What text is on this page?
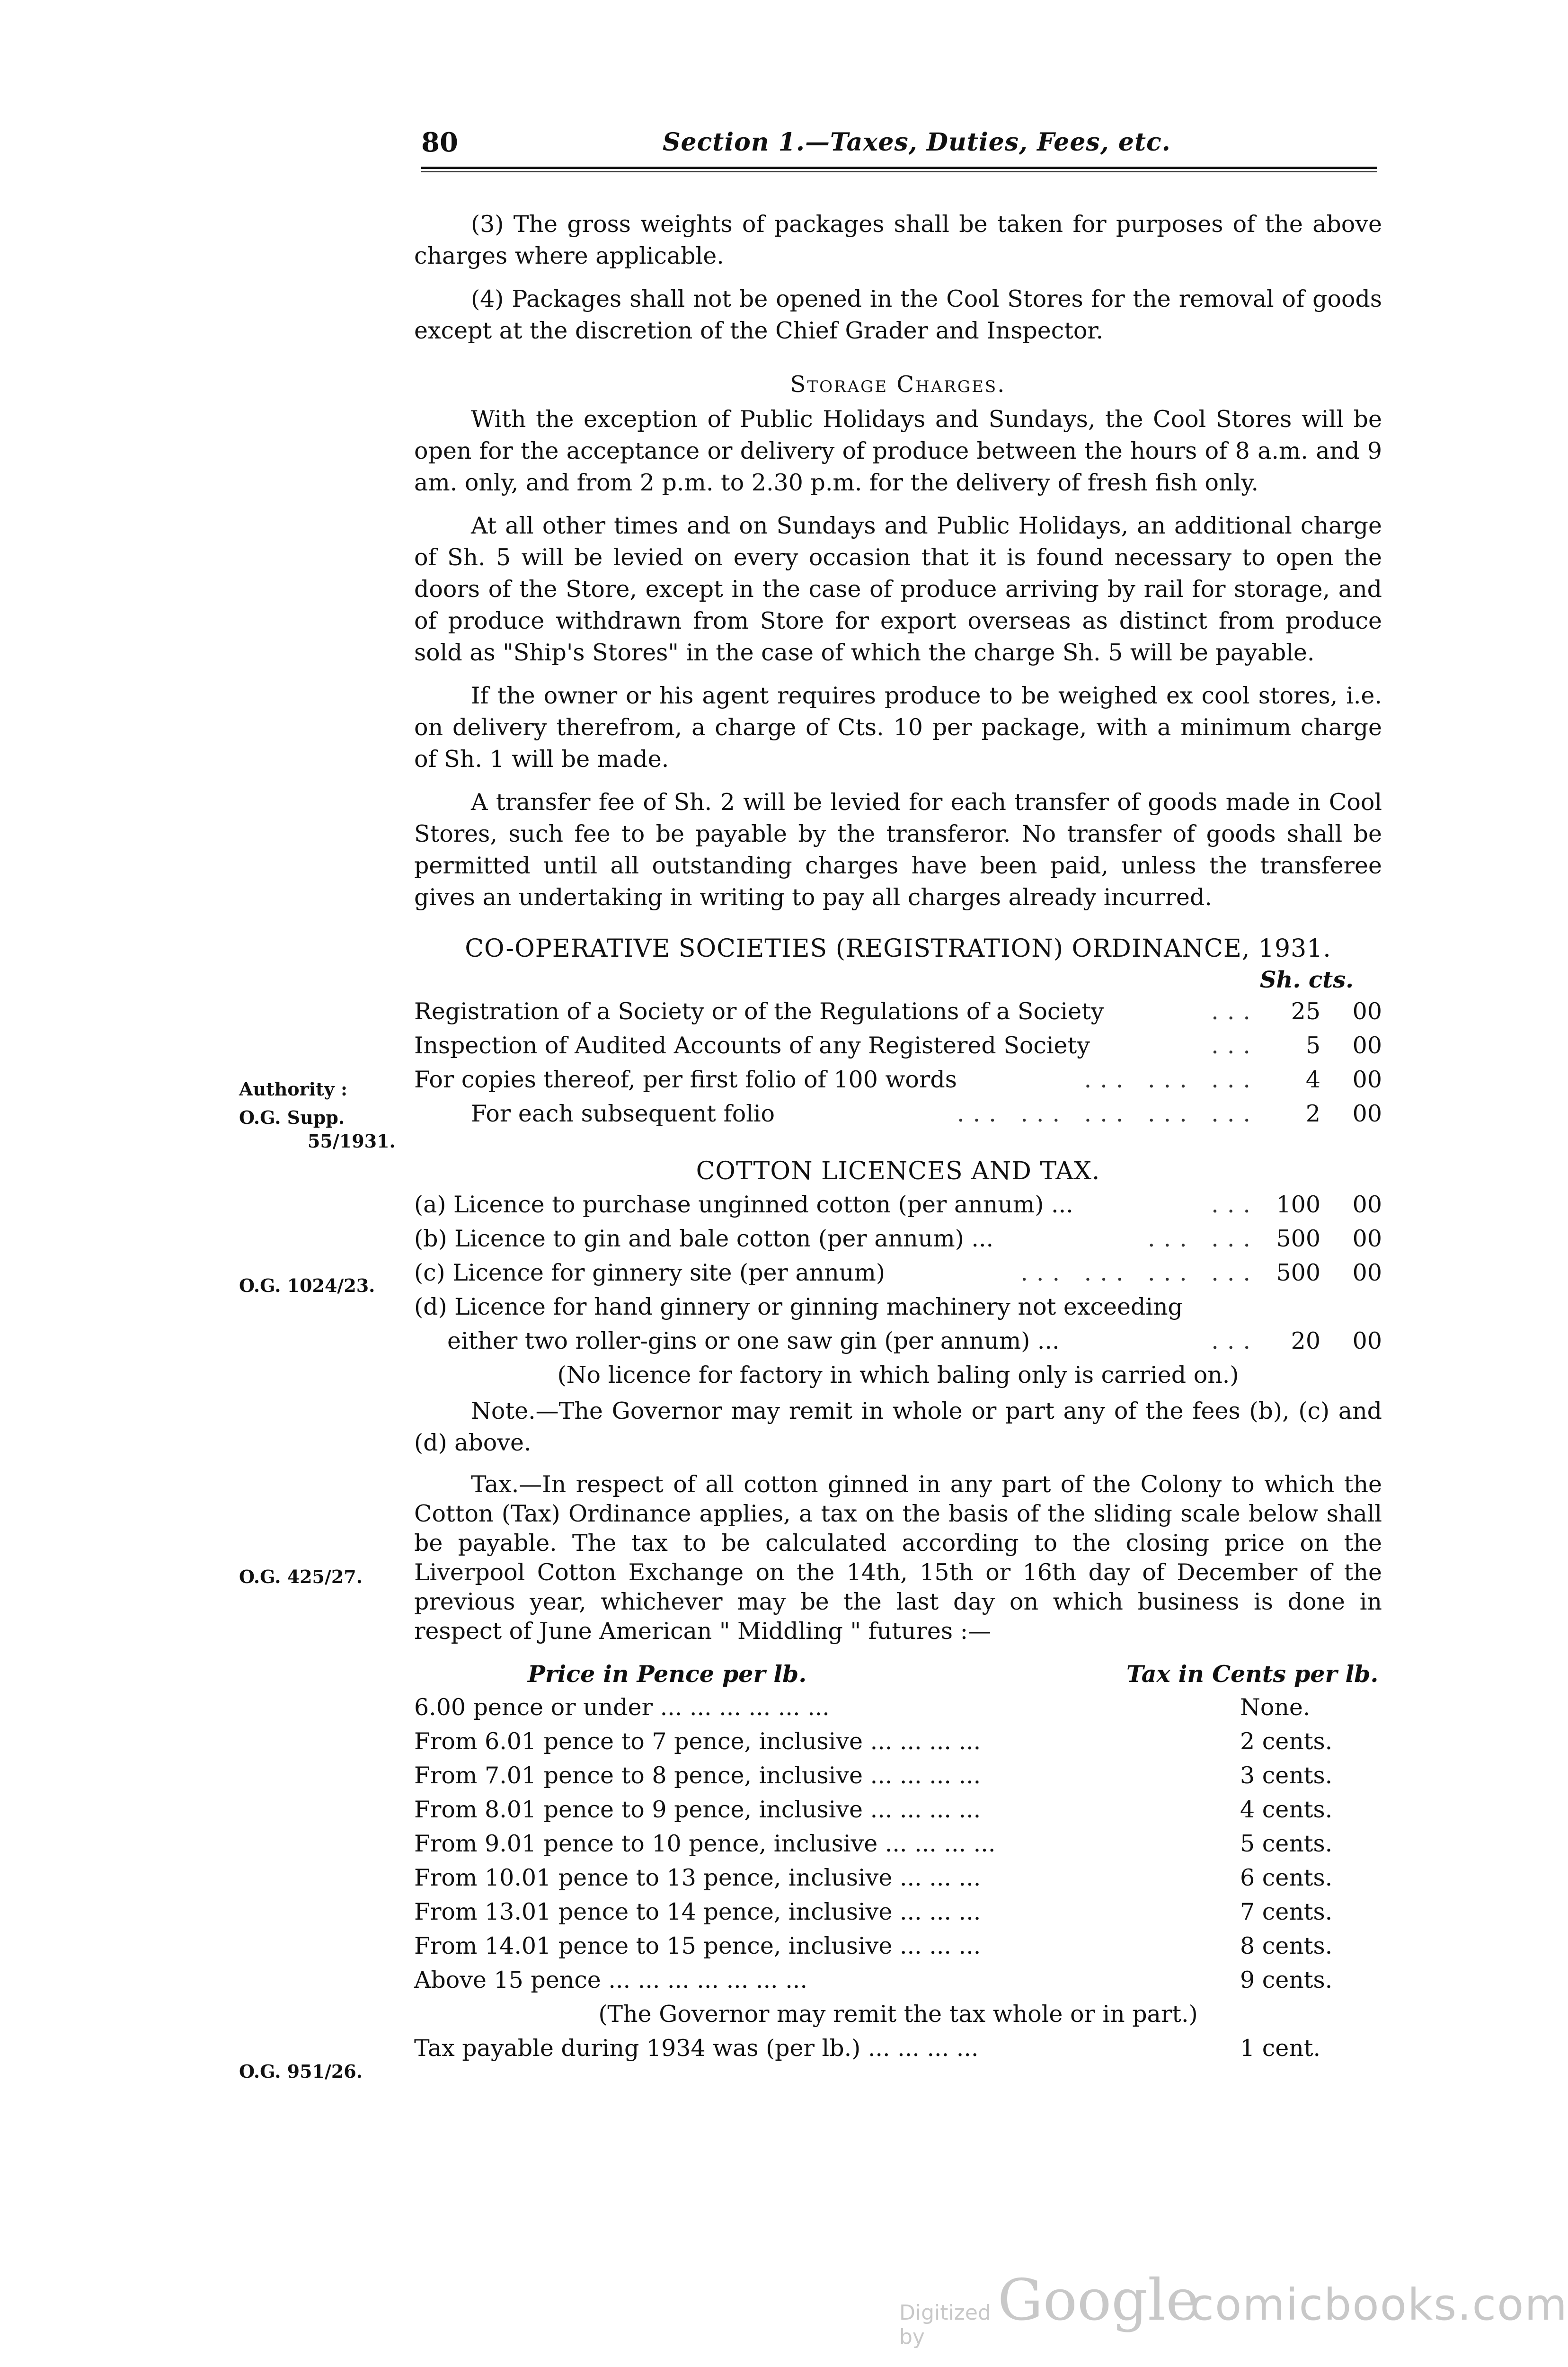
80	Section 1.—Taxes, Duties, Fees, etc.
Authority :
O.G. Supp.
55/1931.
O.G. 1024/23.
O.G. 425/27.
O.G. 951/26.

(3) The gross weights of packages shall be taken for purposes of the above charges where applicable.

(4) Packages shall not be opened in the Cool Stores for the removal of goods except at the discretion of the Chief Grader and Inspector.

Storage Charges.

With the exception of Public Holidays and Sundays, the Cool Stores will be open for the acceptance or delivery of produce between the hours of 8 a.m. and 9 am. only, and from 2 p.m. to 2.30 p.m. for the delivery of fresh fish only.

At all other times and on Sundays and Public Holidays, an additional charge of Sh. 5 will be levied on every occasion that it is found necessary to open the doors of the Store, except in the case of produce arriving by rail for storage, and of produce withdrawn from Store for export overseas as distinct from produce sold as "Ship's Stores" in the case of which the charge Sh. 5 will be payable.

If the owner or his agent requires produce to be weighed ex cool stores, i.e. on delivery therefrom, a charge of Cts. 10 per package, with a minimum charge of Sh. 1 will be made.

A transfer fee of Sh. 2 will be levied for each transfer of goods made in Cool Stores, such fee to be payable by the transferor. No transfer of goods shall be permitted until all outstanding charges have been paid, unless the transferee gives an undertaking in writing to pay all charges already incurred.

CO-OPERATIVE SOCIETIES (REGISTRATION) ORDINANCE, 1931.
Sh. cts.
Registration of a Society or of the Regulations of a Society	...	25	00
Inspection of Audited Accounts of any Registered Society	...	5	00
For copies thereof, per first folio of 100 words	... ... ...	4	00
For each subsequent folio	... ... ... ... ...	2	00
COTTON LICENCES AND TAX.
(a) Licence to purchase unginned cotton (per annum) ...	... 100	00
(b) Licence to gin and bale cotton (per annum) ...	... ... 500	00
(c) Licence for ginnery site (per annum)	... ... ... ... 500	00
(d) Licence for hand ginnery or ginning machinery not exceeding
either two roller-gins or one saw gin (per annum) ...	...	20	00
(No licence for factory in which baling only is carried on.)

Note.—The Governor may remit in whole or part any of the fees (b), (c) and (d) above.

Tax.—In respect of all cotton ginned in any part of the Colony to which the Cotton (Tax) Ordinance applies, a tax on the basis of the sliding scale below shall be payable. The tax to be calculated according to the closing price on the Liverpool Cotton Exchange on the 14th, 15th or 16th day of December of the previous year, whichever may be the last day on which business is done in respect of June American " Middling " futures :—

Price in Pence per lb.	Tax in Cents per lb.
6.00 pence or under ... ... ... ... ... ...	None.
From 6.01 pence to 7 pence, inclusive ... ... ... ...	2 cents.
From 7.01 pence to 8 pence, inclusive ... ... ... ...	3 cents.
From 8.01 pence to 9 pence, inclusive ... ... ... ...	4 cents.
From 9.01 pence to 10 pence, inclusive ... ... ... ...	5 cents.
From 10.01 pence to 13 pence, inclusive ... ... ...	6 cents.
From 13.01 pence to 14 pence, inclusive ... ... ...	7 cents.
From 14.01 pence to 15 pence, inclusive ... ... ...	8 cents.
Above 15 pence ... ... ... ... ... ... ...	9 cents.
(The Governor may remit the tax whole or in part.)
Tax payable during 1934 was (per lb.) ... ... ... ...	1 cent.
Digitized by
Google
comicbooks.com
